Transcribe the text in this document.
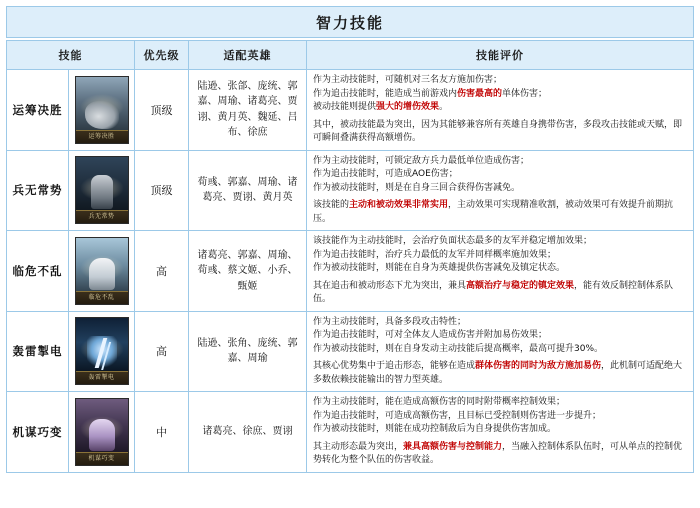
智力技能
技能		优先级	适配英雄	技能评价
运筹决胜	运筹决胜	顶级	陆逊、张郃、庞统、郭嘉、周瑜、诸葛亮、贾诩、黄月英、魏延、吕布、徐庶	作为主动技能时，可随机对三名友方施加伤害；
作为追击技能时，能造成当前游戏内伤害最高的单体伤害；
被动技能则提供强大的增伤效果。
其中，被动技能最为突出，因为其能够兼容所有英雄自身携带伤害，多段攻击技能或天赋，即可瞬间叠满获得高额增伤。

兵无常势	兵无常势	顶级	荀彧、郭嘉、周瑜、诸葛亮、贾诩、黄月英	作为主动技能时，可锁定敌方兵力最低单位造成伤害；
作为追击技能时，可造成AOE伤害；
作为被动技能时，则是在自身三回合获得伤害减免。
该技能的主动和被动效果非常实用，主动效果可实现精准收割，被动效果可有效提升前期抗压。

临危不乱	临危不乱	高	诸葛亮、郭嘉、周瑜、荀彧、蔡文姬、小乔、甄姬	该技能作为主动技能时，会治疗负面状态最多的友军并稳定增加效果；
作为追击技能时，治疗兵力最低的友军并同样概率施加效果；
作为被动技能时，则能在自身为英雄提供伤害减免及镇定状态。
其在追击和被动形态下尤为突出，兼具高额治疗与稳定的镇定效果，能有效反制控制体系队伍。

轰雷掣电	轰雷掣电	高	陆逊、张角、庞统、郭嘉、周瑜	作为主动技能时，具备多段攻击特性；
作为追击技能时，可对全体友人造成伤害并附加易伤效果；
作为被动技能时，则在自身发动主动技能后提高概率，最高可提升30%。
其核心优势集中于追击形态，能够在造成群体伤害的同时为敌方施加易伤，此机制可适配绝大多数依赖技能输出的智力型英雄。

机谋巧变	机谋巧变	中	诸葛亮、徐庶、贾诩	作为主动技能时，能在造成高额伤害的同时附带概率控制效果；
作为追击技能时，可造成高额伤害，且目标已受控制则伤害进一步提升；
作为被动技能时，则能在成功控制敌后为自身提供伤害加成。
其主动形态最为突出，兼具高额伤害与控制能力，当融入控制体系队伍时，可从单点的控制优势转化为整个队伍的伤害收益。
